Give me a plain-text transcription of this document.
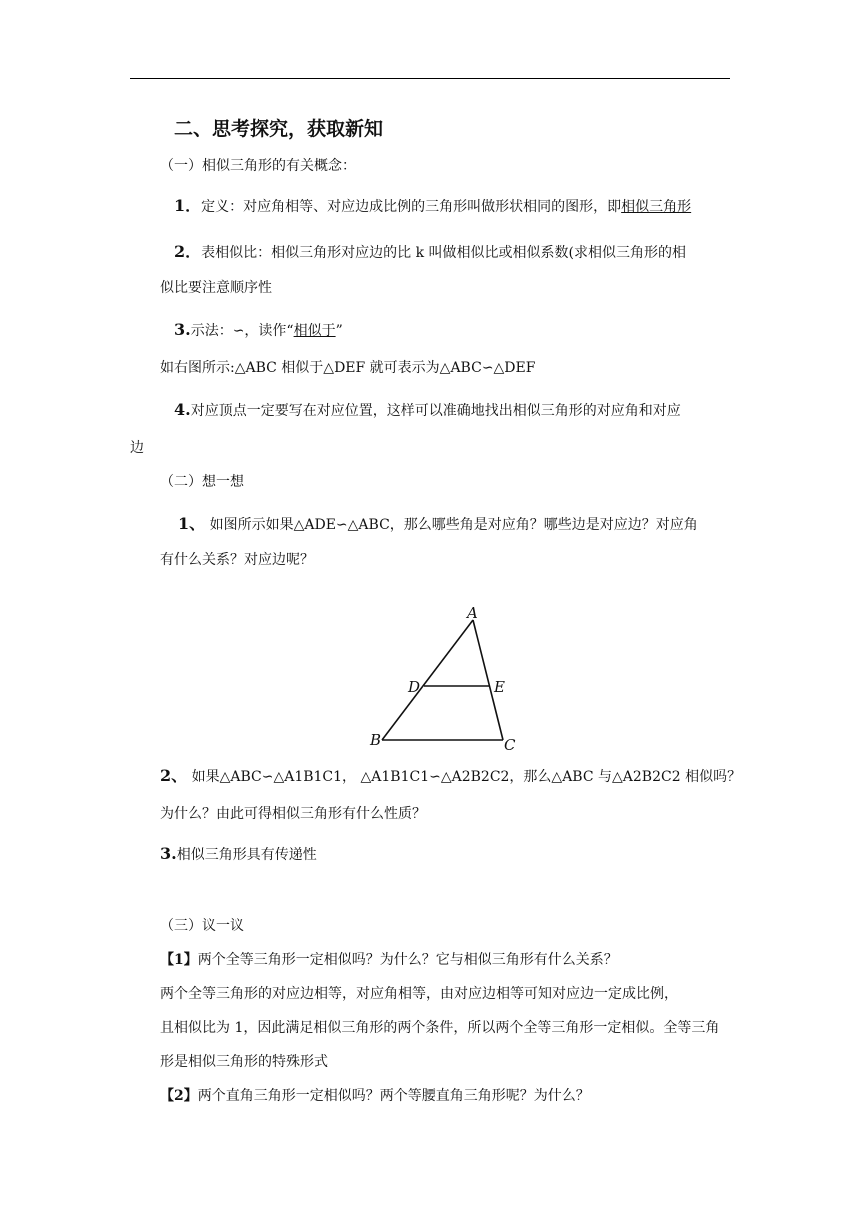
二、思考探究，获取新知
（一）相似三角形的有关概念：
1．定义：对应角相等、对应边成比例的三角形叫做形状相同的图形，即相似三角形
2．表相似比：相似三角形对应边的比 k 叫做相似比或相似系数(求相似三角形的相
似比要注意顺序性
3.示法：∽，读作“相似于”
如右图所示:△ABC 相似于△DEF 就可表示为△ABC∽△DEF
4.对应顶点一定要写在对应位置，这样可以准确地找出相似三角形的对应角和对应
边
（二）想一想
1、 如图所示如果△ADE∽△ABC，那么哪些角是对应角？哪些边是对应边？对应角
有什么关系？对应边呢？
A
D	E
B	C
2、 如果△ABC∽△A1B1C1， △A1B1C1∽△A2B2C2，那么△ABC 与△A2B2C2 相似吗？
为什么？由此可得相似三角形有什么性质？
3.相似三角形具有传递性
（三）议一议
【1】两个全等三角形一定相似吗？为什么？它与相似三角形有什么关系？
两个全等三角形的对应边相等，对应角相等，由对应边相等可知对应边一定成比例，
且相似比为 1，因此满足相似三角形的两个条件，所以两个全等三角形一定相似。全等三角
形是相似三角形的特殊形式
【2】两个直角三角形一定相似吗？两个等腰直角三角形呢？为什么？
